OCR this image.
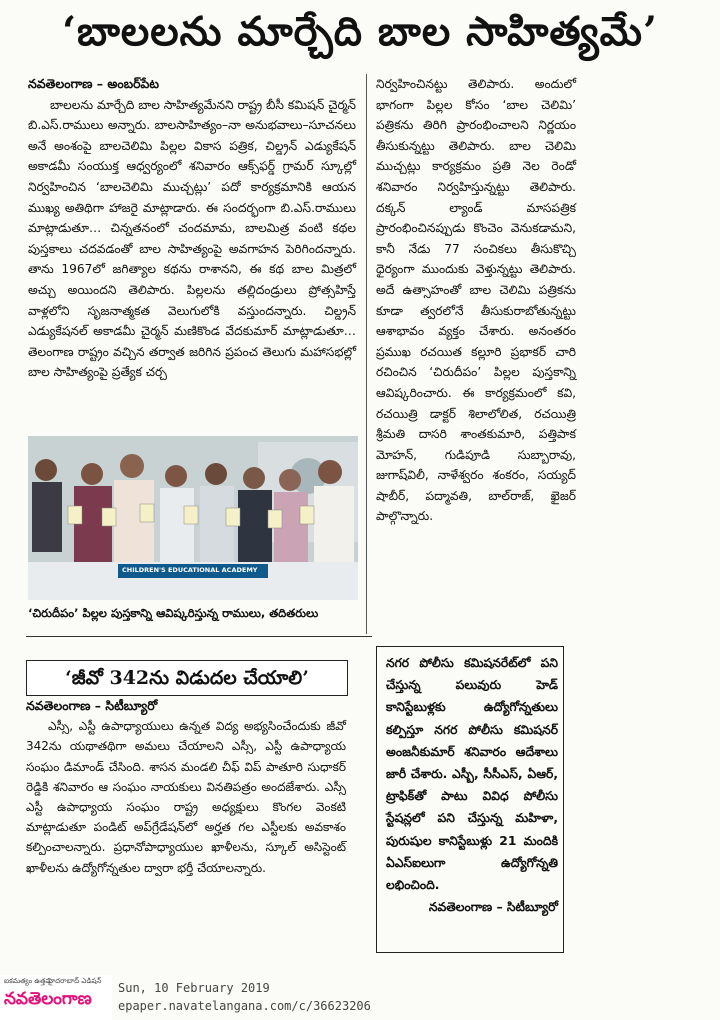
‘బాలలను మార్చేది బాల సాహిత్యమే’

నవతెలంగాణ – అంబర్‌పేట

బాలలను మార్చేది బాల సాహిత్యమేనని రాష్ట్ర బీసీ కమిషన్ చైర్మన్ బి.ఎస్.రాములు అన్నారు. బాలసాహిత్యం–నా అనుభవాలు–సూచనలు అనే అంశంపై బాలచెలిమి పిల్లల వికాస పత్రిక, చిల్డ్రన్ ఎడ్యుకేషన్ అకాడమీ సంయుక్త ఆధ్వర్యంలో శనివారం ఆక్స్‌ఫర్డ్ గ్రామర్ స్కూల్లో నిర్వహించిన ‘బాలచెలిమి ముచ్చట్లు’ పదో కార్యక్రమానికి ఆయన ముఖ్య అతిథిగా హాజరై మాట్లాడారు. ఈ సందర్భంగా బి.ఎస్.రాములు మాట్లాడుతూ… చిన్నతనంలో చందమామ, బాలమిత్ర వంటి కథల పుస్తకాలు చదవడంతో బాల సాహిత్యంపై అవగాహన పెరిగిందన్నారు. తాను 1967లో జగిత్యాల కథను రాశానని, ఈ కథ బాల మిత్రలో అచ్చు అయిందని తెలిపారు. పిల్లలను తల్లిదండ్రులు ప్రోత్సహిస్తే వాళ్లలోని సృజనాత్మకత వెలుగులోకి వస్తుందన్నారు. చిల్డ్రన్ ఎడ్యుకేషనల్ అకాడమీ చైర్మన్ మణికొండ వేదకుమార్ మాట్లాడుతూ… తెలంగాణ రాష్ట్రం వచ్చిన తర్వాత జరిగిన ప్రపంచ తెలుగు మహాసభల్లో బాల సాహిత్యంపై ప్రత్యేక చర్చ

నిర్వహించినట్టు తెలిపారు. అందులో భాగంగా పిల్లల కోసం ‘బాల చెలిమి’ పత్రికను తిరిగి ప్రారంభించాలని నిర్ణయం తీసుకున్నట్టు తెలిపారు. బాల చెలిమి ముచ్చట్లు కార్యక్రమం ప్రతి నెల రెండో శనివారం నిర్వహిస్తున్నట్టు తెలిపారు. దక్కన్ ల్యాండ్ మాసపత్రిక ప్రారంభించినప్పుడు కొంచెం వెనుకడామని, కానీ నేడు 77 సంచికలు తీసుకొచ్చి ధైర్యంగా ముందుకు వెళ్తున్నట్టు తెలిపారు. అదే ఉత్సాహంతో బాల చెలిమి పత్రికను కూడా త్వరలోనే తీసుకురాబోతున్నట్టు ఆశాభావం వ్యక్తం చేశారు. అనంతరం ప్రముఖ రచయిత కల్లూరి ప్రభాకర్ చారి రచించిన ‘చిరుదీపం’ పిల్లల పుస్తకాన్ని ఆవిష్కరించారు. ఈ కార్యక్రమంలో కవి, రచయిత్రి డాక్టర్ శిలాలోలిత, రచయిత్రి శ్రీమతి దాసరి శాంతకుమారి, పత్తిపాక మోహన్, గుడిపూడి సుబ్బారావు, జుగాష్‌విలీ, నాళేశ్వరం శంకరం, సయ్యద్ షాబీర్, పద్మావతి, బాల్‌రాజ్, ఖైజర్ పాల్గొన్నారు.

CHILDREN'S EDUCATIONAL ACADEMY
‘చిరుదీపం’ పిల్లల పుస్తకాన్ని ఆవిష్కరిస్తున్న రాములు, తదితరులు
‘జీవో 342ను విడుదల చేయాలి’

నవతెలంగాణ – సిటీబ్యూరో

ఎస్సీ, ఎస్టీ ఉపాధ్యాయులు ఉన్నత విద్య అభ్యసించేందుకు జీవో 342ను యథాతథిగా అమలు చేయాలని ఎస్సీ, ఎస్టీ ఉపాధ్యాయ సంఘం డిమాండ్ చేసింది. శాసన మండలి చీఫ్ విప్ పాతూరి సుధాకర్ రెడ్డికి శనివారం ఆ సంఘం నాయకులు వినతిపత్రం అందజేశారు. ఎస్సీ ఎస్టీ ఉపాధ్యాయ సంఘం రాష్ట్ర అధ్యక్షులు కొంగల వెంకటి మాట్లాడుతూ పండిట్ అప్‌గ్రేడేషన్‌లో అర్హత గల ఎస్టీలకు అవకాశం కల్పించాలన్నారు. ప్రధానోపాధ్యాయుల ఖాళీలను, స్కూల్ అసిస్టెంట్ ఖాళీలను ఉద్యోగోన్నతుల ద్వారా భర్తీ చేయాలన్నారు.

నగర పోలీసు కమిషనరేట్‌లో పని చేస్తున్న పలువురు హెడ్ కానిస్టేబుళ్లకు ఉద్యోగోన్నతులు కల్పిస్తూ నగర పోలీసు కమిషనర్ అంజనీకుమార్ శనివారం ఆదేశాలు జారీ చేశారు. ఎస్బీ, సీసీఎస్, ఏఆర్, ట్రాఫిక్‌తో పాటు వివిధ పోలీసు స్టేషన్లలో పని చేస్తున్న మహిళా, పురుషుల కానిస్టేబుళ్లు 21 మందికి ఏఎస్ఐలుగా ఉద్యోగోన్నతి లభించింది.

నవతెలంగాణ – సిటీబ్యూరో

ఐకమత్యం ఉత్తమ
హైదరాబాద్ ఎడిషన్
నవతెలంగాణ
Sun, 10 February 2019
epaper.navatelangana.com/c/36623206
